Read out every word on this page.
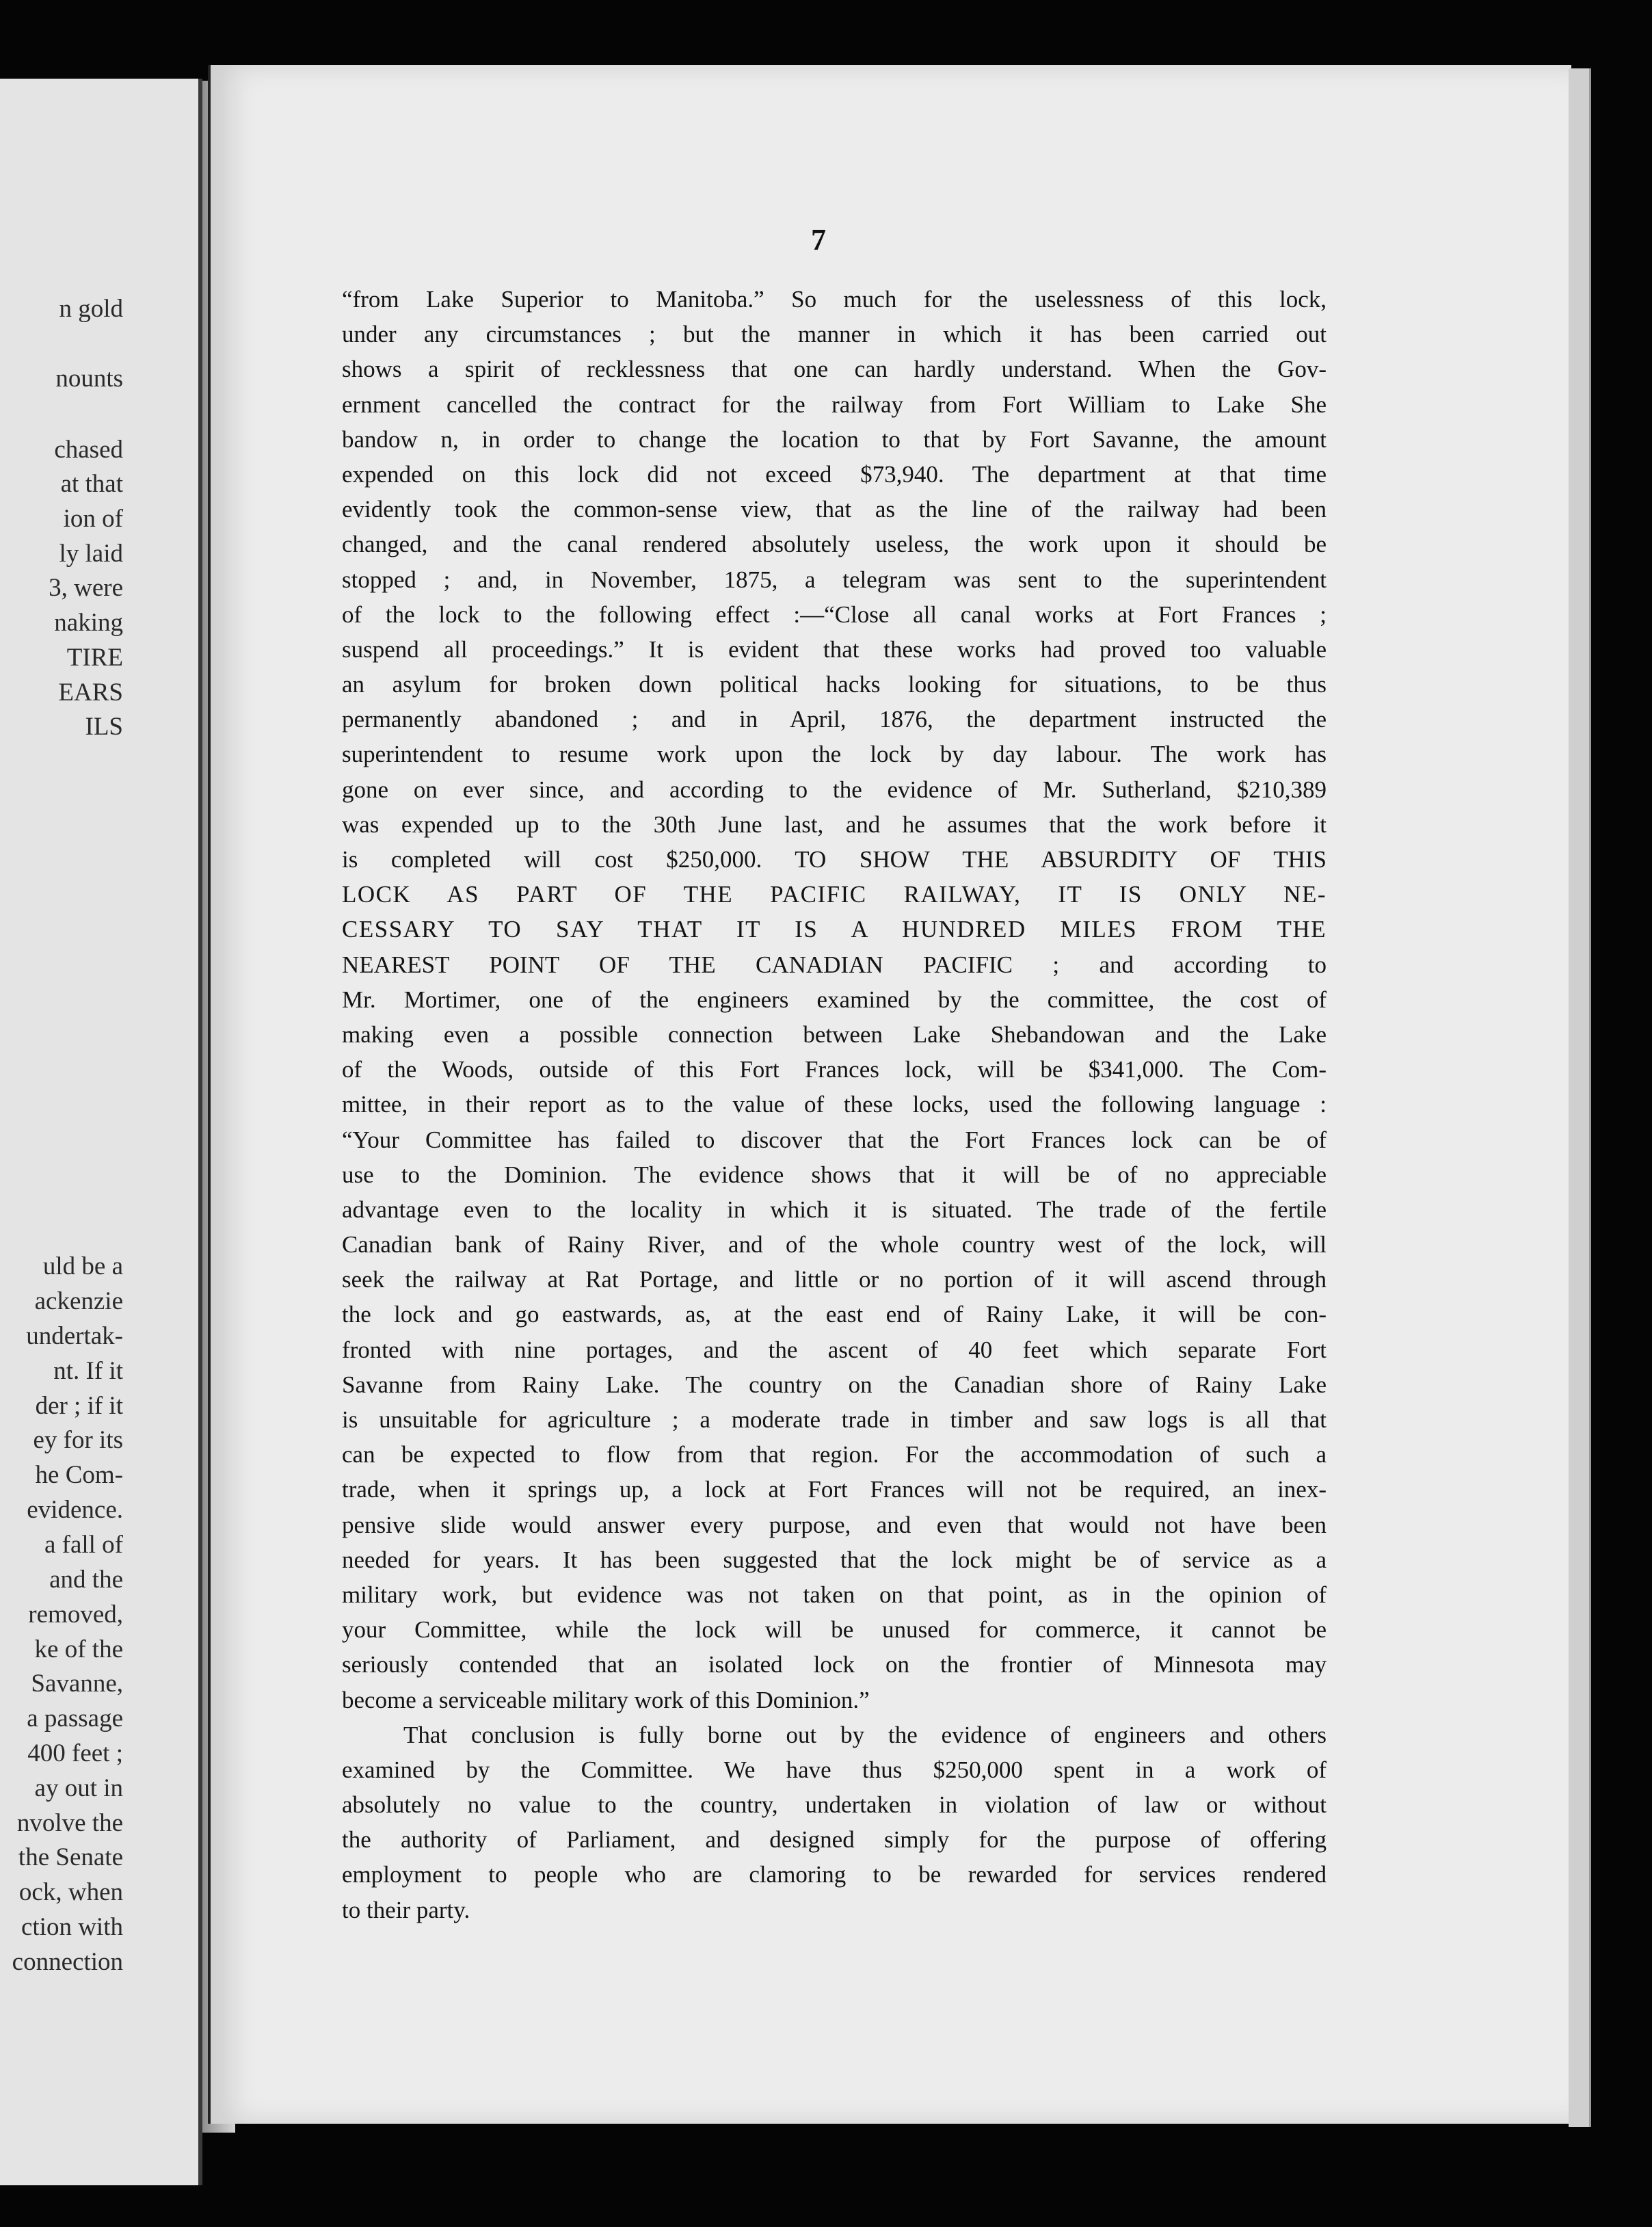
n gold
nounts
chased
at that
ion of
ly laid
3, were
naking
TIRE
EARS
ILS
uld be a
ackenzie
undertak-
nt. If it
der ; if it
ey for its
he Com-
evidence.
a fall of
and the
removed,
ke of the
Savanne,
a passage
400 feet ;
ay out in
nvolve the
the Senate
ock, when
ction with
connection
7
“from Lake Superior to Manitoba.” So much for the uselessness of this lock,
under any circumstances ; but the manner in which it has been carried out
shows a spirit of recklessness that one can hardly understand. When the Gov-
ernment cancelled the contract for the railway from Fort William to Lake She
bandow n, in order to change the location to that by Fort Savanne, the amount
expended on this lock did not exceed $73,940. The department at that time
evidently took the common-sense view, that as the line of the railway had been
changed, and the canal rendered absolutely useless, the work upon it should be
stopped ; and, in November, 1875, a telegram was sent to the superintendent
of the lock to the following effect :—“Close all canal works at Fort Frances ;
suspend all proceedings.” It is evident that these works had proved too valuable
an asylum for broken down political hacks looking for situations, to be thus
permanently abandoned ; and in April, 1876, the department instructed the
superintendent to resume work upon the lock by day labour. The work has
gone on ever since, and according to the evidence of Mr. Sutherland, $210,389
was expended up to the 30th June last, and he assumes that the work before it
is completed will cost $250,000. TO SHOW THE ABSURDITY OF THIS
LOCK AS PART OF THE PACIFIC RAILWAY, IT IS ONLY NE-
CESSARY TO SAY THAT IT IS A HUNDRED MILES FROM THE
NEAREST POINT OF THE CANADIAN PACIFIC ; and according to
Mr. Mortimer, one of the engineers examined by the committee, the cost of
making even a possible connection between Lake Shebandowan and the Lake
of the Woods, outside of this Fort Frances lock, will be $341,000. The Com-
mittee, in their report as to the value of these locks, used the following language :
“Your Committee has failed to discover that the Fort Frances lock can be of
use to the Dominion. The evidence shows that it will be of no appreciable
advantage even to the locality in which it is situated. The trade of the fertile
Canadian bank of Rainy River, and of the whole country west of the lock, will
seek the railway at Rat Portage, and little or no portion of it will ascend through
the lock and go eastwards, as, at the east end of Rainy Lake, it will be con-
fronted with nine portages, and the ascent of 40 feet which separate Fort
Savanne from Rainy Lake. The country on the Canadian shore of Rainy Lake
is unsuitable for agriculture ; a moderate trade in timber and saw logs is all that
can be expected to flow from that region. For the accommodation of such a
trade, when it springs up, a lock at Fort Frances will not be required, an inex-
pensive slide would answer every purpose, and even that would not have been
needed for years. It has been suggested that the lock might be of service as a
military work, but evidence was not taken on that point, as in the opinion of
your Committee, while the lock will be unused for commerce, it cannot be
seriously contended that an isolated lock on the frontier of Minnesota may
become a serviceable military work of this Dominion.”
That conclusion is fully borne out by the evidence of engineers and others
examined by the Committee. We have thus $250,000 spent in a work of
absolutely no value to the country, undertaken in violation of law or without
the authority of Parliament, and designed simply for the purpose of offering
employment to people who are clamoring to be rewarded for services rendered
to their party.
